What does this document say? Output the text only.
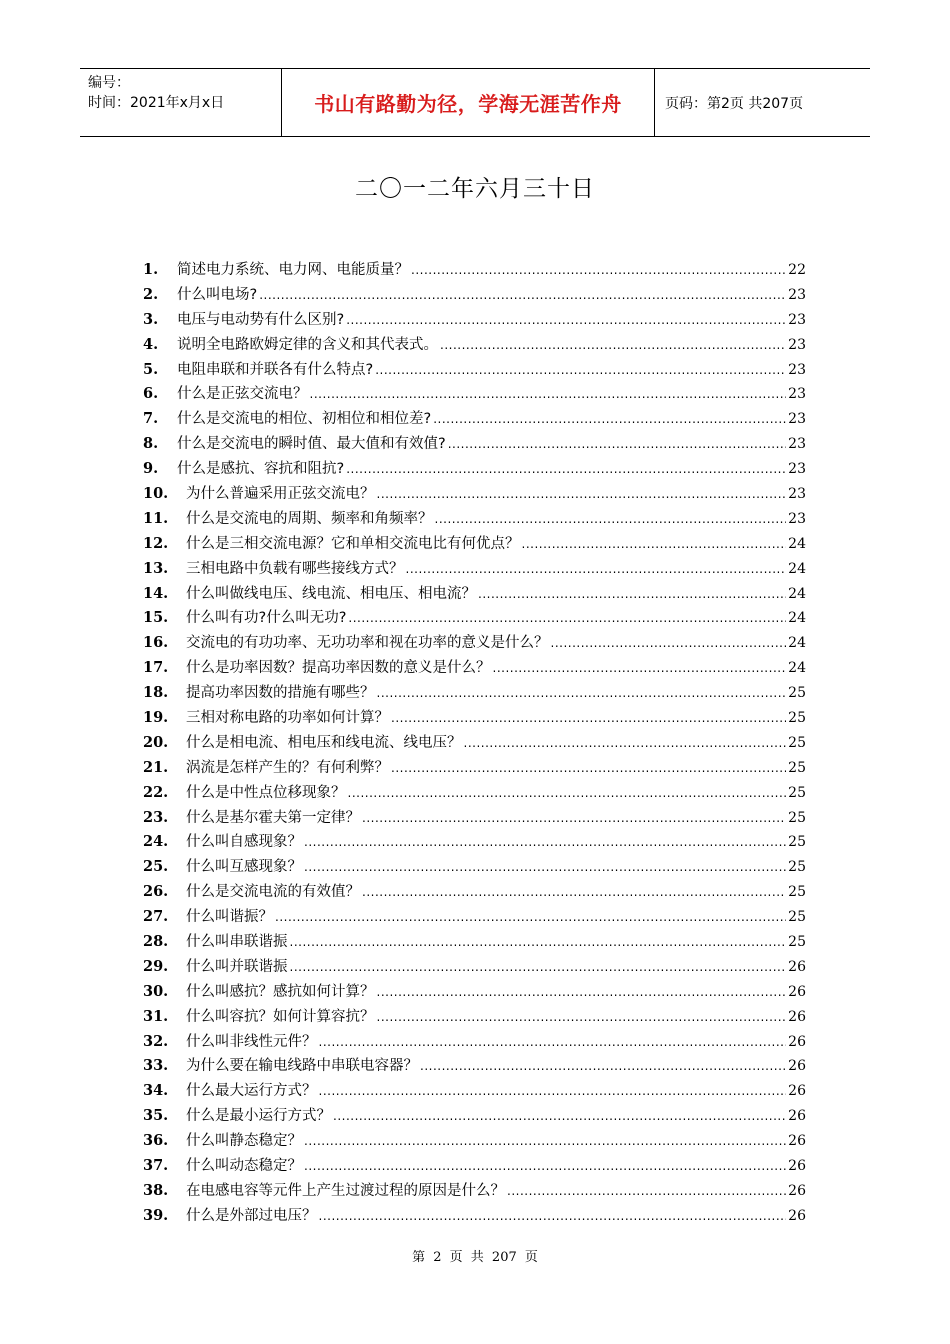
编号：
时间：2021年x月x日	书山有路勤为径，学海无涯苦作舟	页码：第2页 共207页
二〇一二年六月三十日
1.	简述电力系统、电力网、电能质量？ .....	22
2.	什么叫电场? .....	23
3.	电压与电动势有什么区别? .....	23
4.	说明全电路欧姆定律的含义和其代表式。 .....	23
5.	电阻串联和并联各有什么特点? .....	23
6.	什么是正弦交流电？ .....	23
7.	什么是交流电的相位、初相位和相位差? .....	23
8.	什么是交流电的瞬时值、最大值和有效值? .....	23
9.	什么是感抗、容抗和阻抗? .....	23
10.	为什么普遍采用正弦交流电？ .....	23
11.	什么是交流电的周期、频率和角频率？ .....	23
12.	什么是三相交流电源？它和单相交流电比有何优点？ .....	24
13.	三相电路中负载有哪些接线方式？ .....	24
14.	什么叫做线电压、线电流、相电压、相电流？ .....	24
15.	什么叫有功?什么叫无功? .....	24
16.	交流电的有功功率、无功功率和视在功率的意义是什么？ .....	24
17.	什么是功率因数？提高功率因数的意义是什么？ .....	24
18.	提高功率因数的措施有哪些？ .....	25
19.	三相对称电路的功率如何计算？ .....	25
20.	什么是相电流、相电压和线电流、线电压？ .....	25
21.	涡流是怎样产生的？有何利弊？ .....	25
22.	什么是中性点位移现象？ .....	25
23.	什么是基尔霍夫第一定律？ .....	25
24.	什么叫自感现象？ .....	25
25.	什么叫互感现象？ .....	25
26.	什么是交流电流的有效值？ .....	25
27.	什么叫谐振？ .....	25
28.	什么叫串联谐振 .....	25
29.	什么叫并联谐振 .....	26
30.	什么叫感抗？感抗如何计算？ .....	26
31.	什么叫容抗？如何计算容抗？ .....	26
32.	什么叫非线性元件？ .....	26
33.	为什么要在输电线路中串联电容器？ .....	26
34.	什么最大运行方式？ .....	26
35.	什么是最小运行方式？ .....	26
36.	什么叫静态稳定？ .....	26
37.	什么叫动态稳定？ .....	26
38.	在电感电容等元件上产生过渡过程的原因是什么？ .....	26
39.	什么是外部过电压？ .....	26
第 2 页 共 207 页
